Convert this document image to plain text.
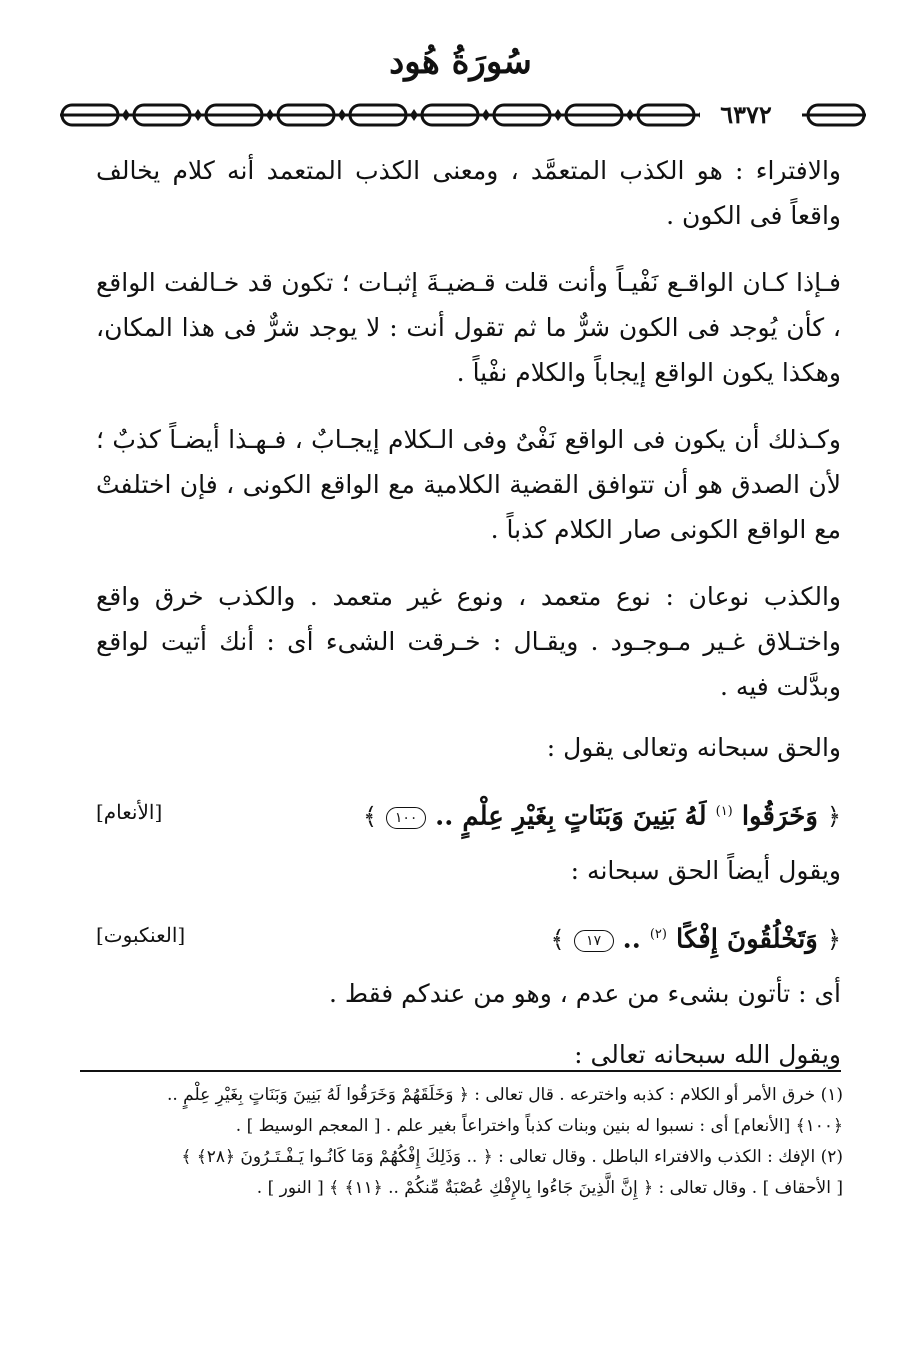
سُورَةُ هُود
٦٣٧٢

والافتراء : هو الكذب المتعمَّد ، ومعنى الكذب المتعمد أنه كلام يخالف واقعاً فى الكون .

فـإذا كـان الواقـع نَفْيـاً وأنت قلت قـضيـةَ إثبـات ؛ تكون قد خـالفت الواقع ، كأن يُوجد فى الكون شرٌّ ما ثم تقول أنت : لا يوجد شرٌّ فى هذا المكان، وهكذا يكون الواقع إيجاباً والكلام نفْياً .

وكـذلك أن يكون فى الواقع نَفْىٌ وفى الـكلام إيجـابٌ ، فـهـذا أيضـاً كذبٌ ؛ لأن الصدق هو أن تتوافق القضية الكلامية مع الواقع الكونى ، فإن اختلفتْ مع الواقع الكونى صار الكلام كذباً .

والكذب نوعان : نوع متعمد ، ونوع غير متعمد . والكذب خرق واقع واختـلاق غـير مـوجـود . ويقـال : خـرقت الشىء أى : أنك أتيت لواقع وبدَّلت فيه .

والحق سبحانه وتعالى يقول :

﴿ وَخَرَقُوا $^{(١)}$ لَهُ بَنِينَ وَبَنَاتٍ بِغَيْرِ عِلْمٍ .. ١٠٠ ﴾
[الأنعام]

ويقول أيضاً الحق سبحانه :

﴿ وَتَخْلُقُونَ إِفْكًا $^{(٢)}$ .. ١٧ ﴾
[العنكبوت]

أى : تأتون بشىء من عدم ، وهو من عندكم فقط .

ويقول الله سبحانه تعالى :

(١) خرق الأمر أو الكلام : كذبه واخترعه . قال تعالى : ﴿ وَخَلَقَهُمْ وَخَرَقُوا لَهُ بَنِينَ وَبَنَاتٍ بِغَيْرِ عِلْمٍ ..

﴿١٠٠﴾ [الأنعام] أى : نسبوا له بنين وبنات كذباً واختراعاً بغير علم . [ المعجم الوسيط ] .

(٢) الإفك : الكذب والافتراء الباطل . وقال تعالى : ﴿ .. وَذَلِكَ إِفْكُهُمْ وَمَا كَانُـوا يَـفْـتَـرُونَ ﴿٢٨﴾ ﴾

[ الأحقاف ] . وقال تعالى : ﴿ إِنَّ الَّذِينَ جَاءُوا بِالإِفْكِ عُصْبَةٌ مِّنكُمْ .. ﴿١١﴾ ﴾ [ النور ] .
